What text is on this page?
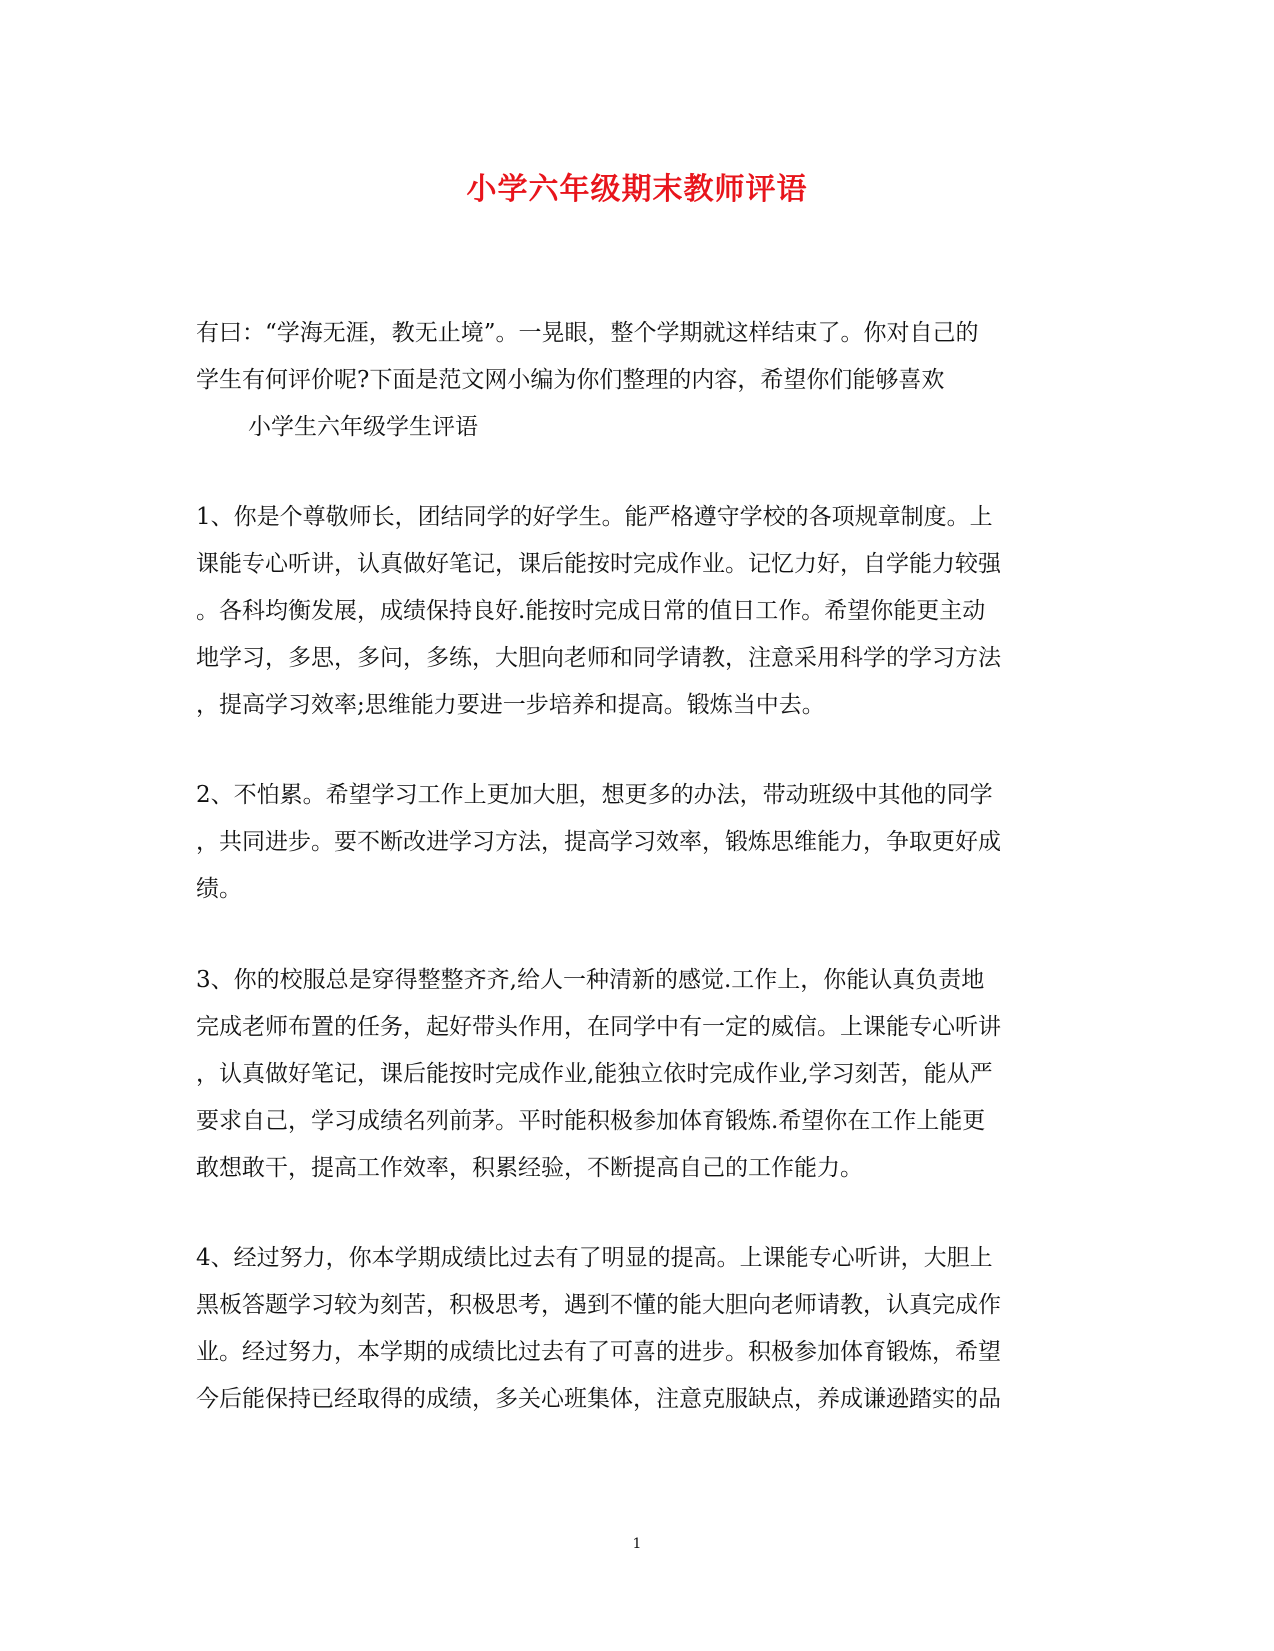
小学六年级期末教师评语
有曰：“学海无涯，教无止境”。一晃眼，整个学期就这样结束了。你对自己的
学生有何评价呢?下面是范文网小编为你们整理的内容，希望你们能够喜欢
小学生六年级学生评语
1、你是个尊敬师长，团结同学的好学生。能严格遵守学校的各项规章制度。上
课能专心听讲，认真做好笔记，课后能按时完成作业。记忆力好，自学能力较强
。各科均衡发展，成绩保持良好.能按时完成日常的值日工作。希望你能更主动
地学习，多思，多问，多练，大胆向老师和同学请教，注意采用科学的学习方法
，提高学习效率;思维能力要进一步培养和提高。锻炼当中去。
2、不怕累。希望学习工作上更加大胆，想更多的办法，带动班级中其他的同学
，共同进步。要不断改进学习方法，提高学习效率，锻炼思维能力，争取更好成
绩。
3、你的校服总是穿得整整齐齐,给人一种清新的感觉.工作上，你能认真负责地
完成老师布置的任务，起好带头作用，在同学中有一定的威信。上课能专心听讲
，认真做好笔记，课后能按时完成作业,能独立依时完成作业,学习刻苦，能从严
要求自己，学习成绩名列前茅。平时能积极参加体育锻炼.希望你在工作上能更
敢想敢干，提高工作效率，积累经验，不断提高自己的工作能力。
4、经过努力，你本学期成绩比过去有了明显的提高。上课能专心听讲，大胆上
黑板答题学习较为刻苦，积极思考，遇到不懂的能大胆向老师请教，认真完成作
业。经过努力，本学期的成绩比过去有了可喜的进步。积极参加体育锻炼，希望
今后能保持已经取得的成绩，多关心班集体，注意克服缺点，养成谦逊踏实的品
1
